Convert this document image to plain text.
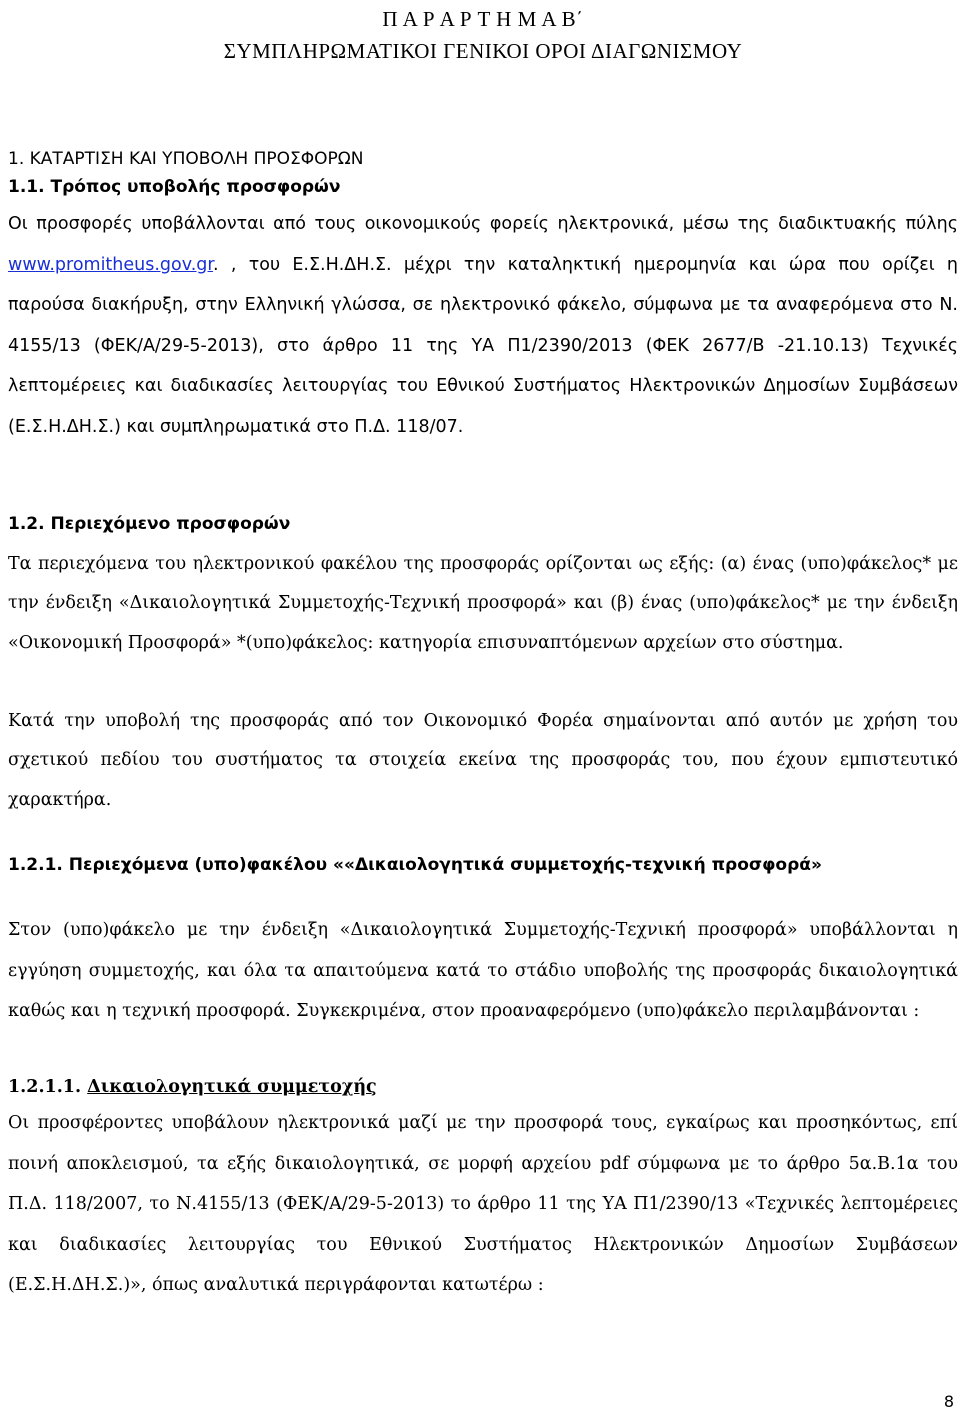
Π Α Ρ Α Ρ Τ Η Μ Α Β΄
ΣΥΜΠΛΗΡΩΜΑΤΙΚΟΙ ΓΕΝΙΚΟΙ ΟΡΟΙ ΔΙΑΓΩΝΙΣΜΟΥ
1. ΚΑΤΑΡΤΙΣΗ ΚΑΙ ΥΠΟΒΟΛΗ ΠΡΟΣΦΟΡΩΝ
1.1. Τρόπος υποβολής προσφορών
Οι προσφορές υποβάλλονται από τους οικονομικούς φορείς ηλεκτρονικά, μέσω της διαδικτυακής πύλης www.promitheus.gov.gr. , του Ε.Σ.Η.ΔΗ.Σ. μέχρι την καταληκτική ημερομηνία και ώρα που ορίζει η παρούσα διακήρυξη, στην Ελληνική γλώσσα, σε ηλεκτρονικό φάκελο, σύμφωνα με τα αναφερόμενα στο Ν. 4155/13 (ΦΕΚ/Α/29-5-2013), στο άρθρο 11 της ΥΑ Π1/2390/2013 (ΦΕΚ 2677/Β -21.10.13) Τεχνικές λεπτομέρειες και διαδικασίες λειτουργίας του Εθνικού Συστήματος Ηλεκτρονικών Δημοσίων Συμβάσεων (Ε.Σ.Η.ΔΗ.Σ.) και συμπληρωματικά στο Π.Δ. 118/07.
1.2. Περιεχόμενο προσφορών
Τα περιεχόμενα του ηλεκτρονικού φακέλου της προσφοράς ορίζονται ως εξής: (α) ένας (υπο)φάκελος* με την ένδειξη «Δικαιολογητικά Συμμετοχής-Τεχνική προσφορά» και (β) ένας (υπο)φάκελος* με την ένδειξη «Οικονομική Προσφορά» *(υπο)φάκελος: κατηγορία επισυναπτόμενων αρχείων στο σύστημα.
Κατά την υποβολή της προσφοράς από τον Οικονομικό Φορέα σημαίνονται από αυτόν με χρήση του σχετικού πεδίου του συστήματος τα στοιχεία εκείνα της προσφοράς του, που έχουν εμπιστευτικό χαρακτήρα.
1.2.1. Περιεχόμενα (υπο)φακέλου ««Δικαιολογητικά συμμετοχής-τεχνική προσφορά»
Στον (υπο)φάκελο με την ένδειξη «Δικαιολογητικά Συμμετοχής-Τεχνική προσφορά» υποβάλλονται η εγγύηση συμμετοχής, και όλα τα απαιτούμενα κατά το στάδιο υποβολής της προσφοράς δικαιολογητικά καθώς και η τεχνική προσφορά. Συγκεκριμένα, στον προαναφερόμενο (υπο)φάκελο περιλαμβάνονται :
1.2.1.1. Δικαιολογητικά συμμετοχής
Οι προσφέροντες υποβάλουν ηλεκτρονικά μαζί με την προσφορά τους, εγκαίρως και προσηκόντως, επί ποινή αποκλεισμού, τα εξής δικαιολογητικά, σε μορφή αρχείου pdf σύμφωνα με το άρθρο 5α.Β.1α του Π.Δ. 118/2007, το Ν.4155/13 (ΦΕΚ/Α/29-5-2013) το άρθρο 11 της ΥΑ Π1/2390/13 «Τεχνικές λεπτομέρειες και διαδικασίες λειτουργίας του Εθνικού Συστήματος Ηλεκτρονικών Δημοσίων Συμβάσεων (Ε.Σ.Η.ΔΗ.Σ.)», όπως αναλυτικά περιγράφονται κατωτέρω :
8
